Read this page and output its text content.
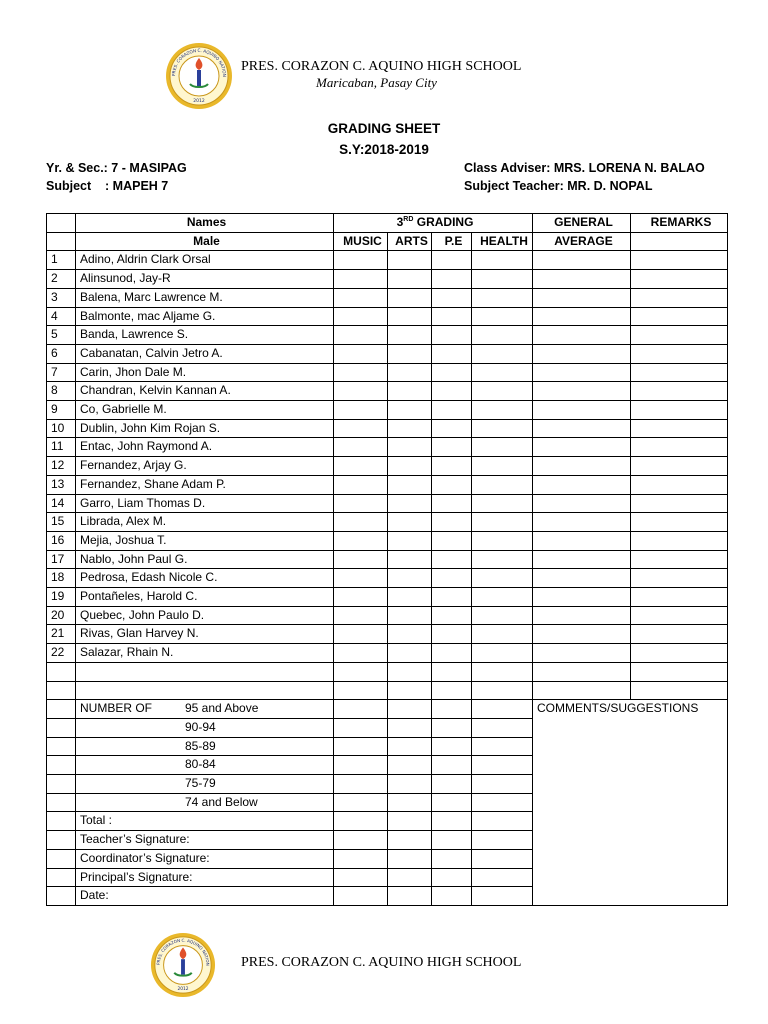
PRES. CORAZON C. AQUINO NATION
2012
PRES. CORAZON C. AQUINO HIGH SCHOOL
Maricaban, Pasay City
GRADING SHEET
S.Y:2018-2019
Yr. & Sec.: 7 - MASIPAG
Subject    : MAPEH 7
Class Adviser: MRS. LORENA N. BALAO
Subject Teacher: MR. D. NOPAL
	Names	3RD GRADING				GENERAL	REMARKS
	Male	MUSIC	ARTS	P.E	HEALTH	AVERAGE	
1	Adino, Aldrin Clark Orsal						
2	Alinsunod, Jay-R						
3	Balena, Marc Lawrence M.						
4	Balmonte, mac Aljame G.						
5	Banda, Lawrence S.						
6	Cabanatan, Calvin Jetro A.						
7	Carin, Jhon Dale M.						
8	Chandran, Kelvin Kannan A.						
9	Co, Gabrielle M.						
10	Dublin, John Kim Rojan S.						
11	Entac, John Raymond A.						
12	Fernandez, Arjay G.						
13	Fernandez, Shane Adam P.						
14	Garro, Liam Thomas D.						
15	Librada, Alex M.						
16	Mejia, Joshua T.						
17	Nablo, John Paul G.						
18	Pedrosa, Edash Nicole C.						
19	Pontañeles, Harold C.						
20	Quebec, John Paulo D.						
21	Rivas, Glan Harvey N.						
22	Salazar, Rhain N.						

	NUMBER OF 95 and Above					COMMENTS/SUGGESTIONS	
	90-94						
	85-89						
	80-84						
	75-79						
	74 and Below						
	Total :						
	Teacher’s Signature:						
	Coordinator’s Signature:						
	Principal’s Signature:						
	Date:						
PRES. CORAZON C. AQUINO NATION
2012
PRES. CORAZON C. AQUINO HIGH SCHOOL
